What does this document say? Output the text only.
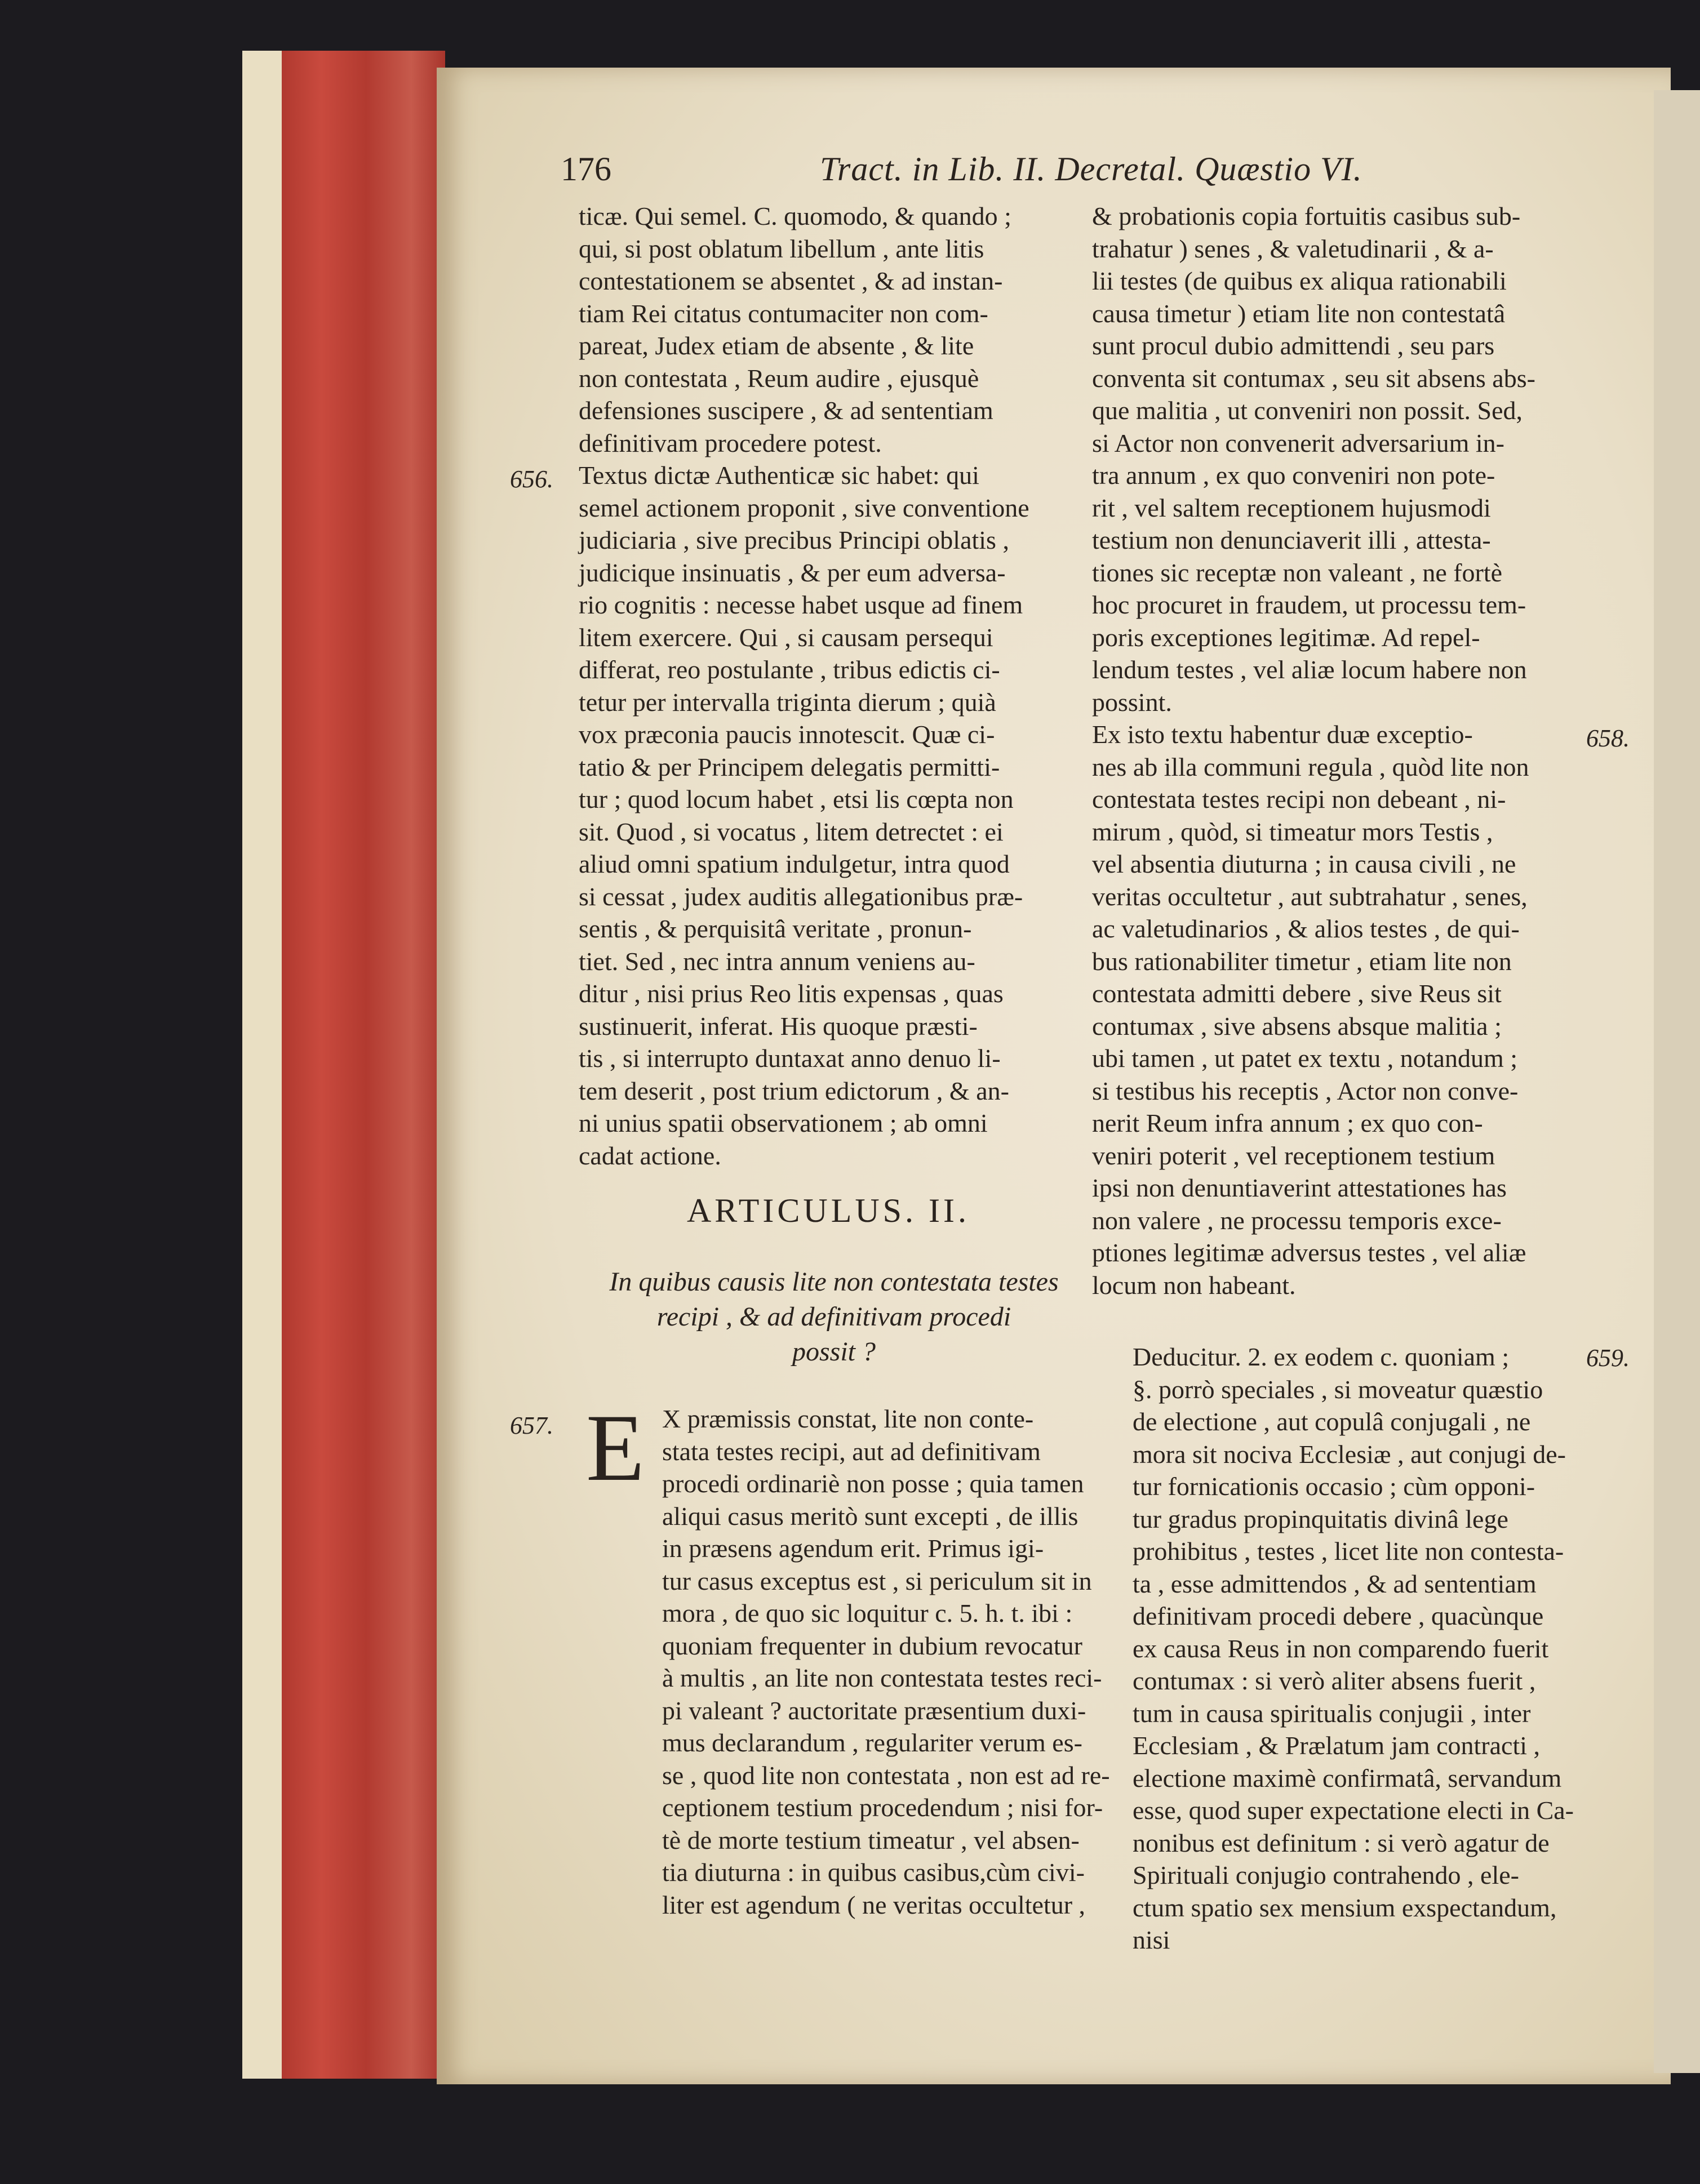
176	Tract. in Lib. II. Decretal. Quæstio VI.
ticæ. Qui semel. C. quomodo, & quando ;
qui, si post oblatum libellum , ante litis
contestationem se absentet , & ad instan-
tiam Rei citatus contumaciter non com-
pareat, Judex etiam de absente , & lite
non contestata , Reum audire , ejusquè
defensiones suscipere , & ad sententiam
definitivam procedere potest.
Textus dictæ Authenticæ sic habet: qui
semel actionem proponit , sive conventione
judiciaria , sive precibus Principi oblatis ,
judicique insinuatis , & per eum adversa-
rio cognitis : necesse habet usque ad finem
litem exercere. Qui , si causam persequi
differat, reo postulante , tribus edictis ci-
tetur per intervalla triginta dierum ; quià
vox præconia paucis innotescit. Quæ ci-
tatio & per Principem delegatis permitti-
tur ; quod locum habet , etsi lis cœpta non
sit. Quod , si vocatus , litem detrectet : ei
aliud omni spatium indulgetur, intra quod
si cessat , judex auditis allegationibus præ-
sentis , & perquisitâ veritate , pronun-
tiet. Sed , nec intra annum veniens au-
ditur , nisi prius Reo litis expensas , quas
sustinuerit, inferat. His quoque præsti-
tis , si interrupto duntaxat anno denuo li-
tem deserit , post trium edictorum , & an-
ni unius spatii observationem ; ab omni
cadat actione.
& probationis copia fortuitis casibus sub-
trahatur ) senes , & valetudinarii , & a-
lii testes (de quibus ex aliqua rationabili
causa timetur ) etiam lite non contestatâ
sunt procul dubio admittendi , seu pars
conventa sit contumax , seu sit absens abs-
que malitia , ut conveniri non possit. Sed,
si Actor non convenerit adversarium in-
tra annum , ex quo conveniri non pote-
rit , vel saltem receptionem hujusmodi
testium non denunciaverit illi , attesta-
tiones sic receptæ non valeant , ne fortè
hoc procuret in fraudem, ut processu tem-
poris exceptiones legitimæ. Ad repel-
lendum testes , vel aliæ locum habere non
possint.
Ex isto textu habentur duæ exceptio-
nes ab illa communi regula , quòd lite non
contestata testes recipi non debeant , ni-
mirum , quòd, si timeatur mors Testis ,
vel absentia diuturna ; in causa civili , ne
veritas occultetur , aut subtrahatur , senes,
ac valetudinarios , & alios testes , de qui-
bus rationabiliter timetur , etiam lite non
contestata admitti debere , sive Reus sit
contumax , sive absens absque malitia ;
ubi tamen , ut patet ex textu , notandum ;
si testibus his receptis , Actor non conve-
nerit Reum infra annum ; ex quo con-
veniri poterit , vel receptionem testium
ipsi non denuntiaverint attestationes has
non valere , ne processu temporis exce-
ptiones legitimæ adversus testes , vel aliæ
locum non habeant.
656.
657.
658.
659.
ARTICULUS. II.
In quibus causis lite non contestata testes
recipi , & ad definitivam procedi
possit ?
E X præmissis constat, lite non conte-
stata testes recipi, aut ad definitivam
procedi ordinariè non posse ; quia tamen
aliqui casus meritò sunt excepti , de illis
in præsens agendum erit. Primus igi-
tur casus exceptus est , si periculum sit in
mora , de quo sic loquitur c. 5. h. t. ibi :
quoniam frequenter in dubium revocatur
à multis , an lite non contestata testes reci-
pi valeant ? auctoritate præsentium duxi-
mus declarandum , regulariter verum es-
se , quod lite non contestata , non est ad re-
ceptionem testium procedendum ; nisi for-
tè de morte testium timeatur , vel absen-
tia diuturna : in quibus casibus,cùm civi-
liter est agendum ( ne veritas occultetur ,
Deducitur. 2. ex eodem c. quoniam ;
§. porrò speciales , si moveatur quæstio
de electione , aut copulâ conjugali , ne
mora sit nociva Ecclesiæ , aut conjugi de-
tur fornicationis occasio ; cùm opponi-
tur gradus propinquitatis divinâ lege
prohibitus , testes , licet lite non contesta-
ta , esse admittendos , & ad sententiam
definitivam procedi debere , quacùnque
ex causa Reus in non comparendo fuerit
contumax : si verò aliter absens fuerit ,
tum in causa spiritualis conjugii , inter
Ecclesiam , & Prælatum jam contracti ,
electione maximè confirmatâ, servandum
esse, quod super expectatione electi in Ca-
nonibus est definitum : si verò agatur de
Spirituali conjugio contrahendo , ele-
ctum spatio sex mensium exspectandum,
nisi
